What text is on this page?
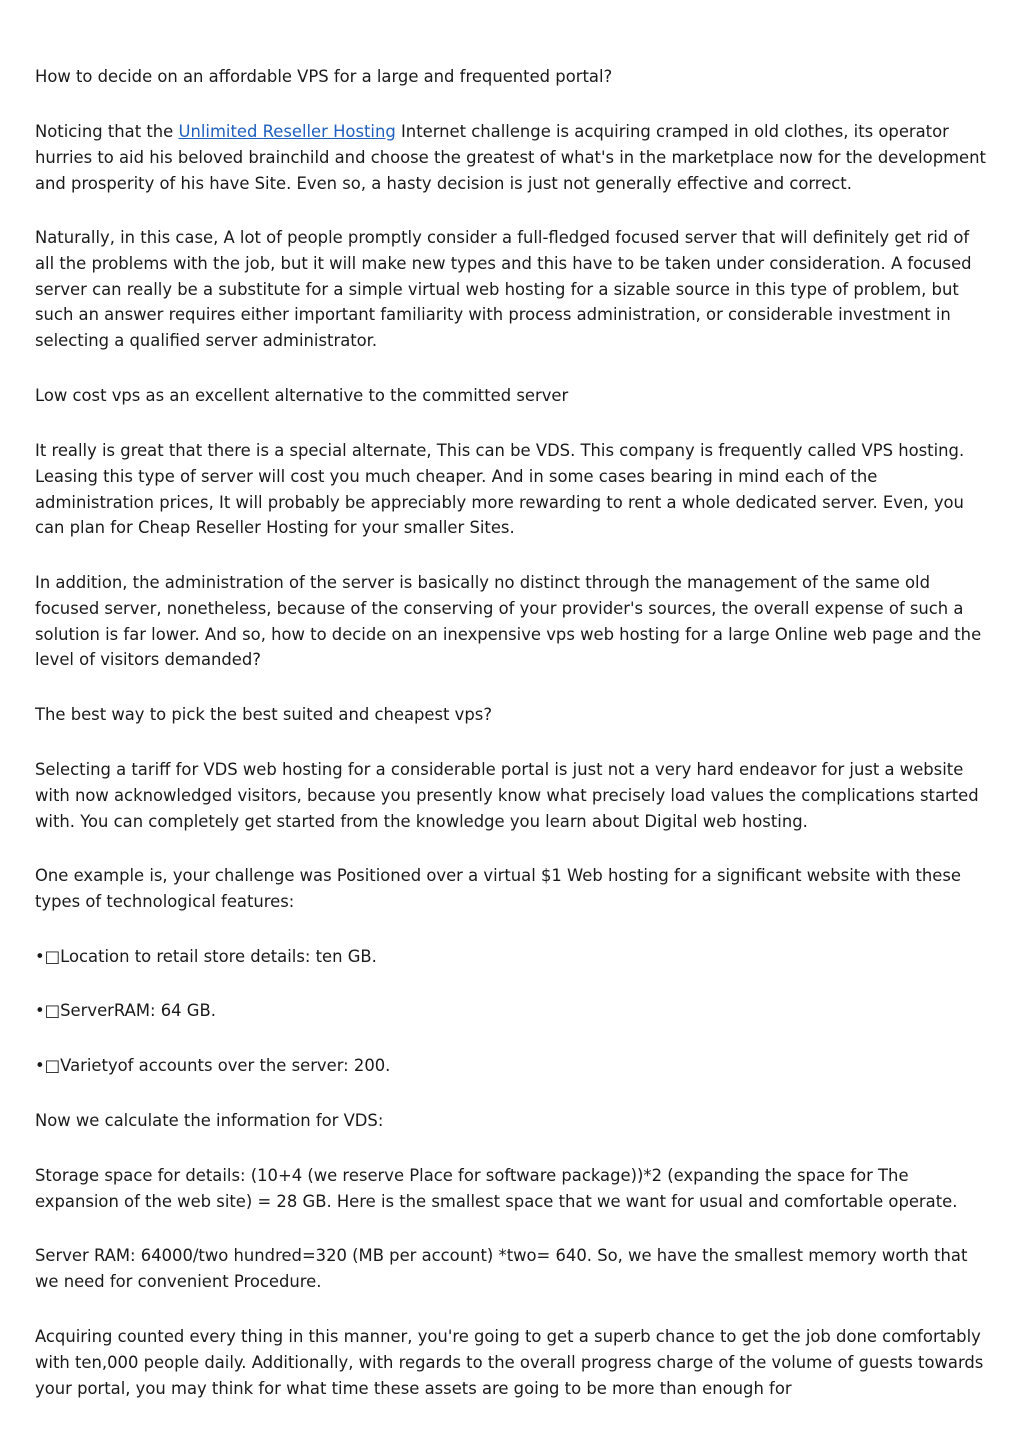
How to decide on an affordable VPS for a large and frequented portal?

Noticing that the Unlimited Reseller Hosting Internet challenge is acquiring cramped in old clothes, its operator hurries to aid his beloved brainchild and choose the greatest of what's in the marketplace now for the development and prosperity of his have Site. Even so, a hasty decision is just not generally effective and correct.

Naturally, in this case, A lot of people promptly consider a full-fledged focused server that will definitely get rid of all the problems with the job, but it will make new types and this have to be taken under consideration. A focused server can really be a substitute for a simple virtual web hosting for a sizable source in this type of problem, but such an answer requires either important familiarity with process administration, or considerable investment in selecting a qualified server administrator.

Low cost vps as an excellent alternative to the committed server

It really is great that there is a special alternate, This can be VDS. This company is frequently called VPS hosting. Leasing this type of server will cost you much cheaper. And in some cases bearing in mind each of the administration prices, It will probably be appreciably more rewarding to rent a whole dedicated server. Even, you can plan for Cheap Reseller Hosting for your smaller Sites.

In addition, the administration of the server is basically no distinct through the management of the same old focused server, nonetheless, because of the conserving of your provider's sources, the overall expense of such a solution is far lower. And so, how to decide on an inexpensive vps web hosting for a large Online web page and the level of visitors demanded?

The best way to pick the best suited and cheapest vps?

Selecting a tariff for VDS web hosting for a considerable portal is just not a very hard endeavor for just a website with now acknowledged visitors, because you presently know what precisely load values the complications started with. You can completely get started from the knowledge you learn about Digital web hosting.

One example is, your challenge was Positioned over a virtual $1 Web hosting for a significant website with these types of technological features:

•□Location to retail store details: ten GB.

•□ServerRAM: 64 GB.

•□Varietyof accounts over the server: 200.

Now we calculate the information for VDS:

Storage space for details: (10+4 (we reserve Place for software package))*2 (expanding the space for The expansion of the web site) = 28 GB. Here is the smallest space that we want for usual and comfortable operate.

Server RAM: 64000/two hundred=320 (MB per account) *two= 640. So, we have the smallest memory worth that we need for convenient Procedure.

Acquiring counted every thing in this manner, you're going to get a superb chance to get the job done comfortably with ten,000 people daily. Additionally, with regards to the overall progress charge of the volume of guests towards your portal, you may think for what time these assets are going to be more than enough for
